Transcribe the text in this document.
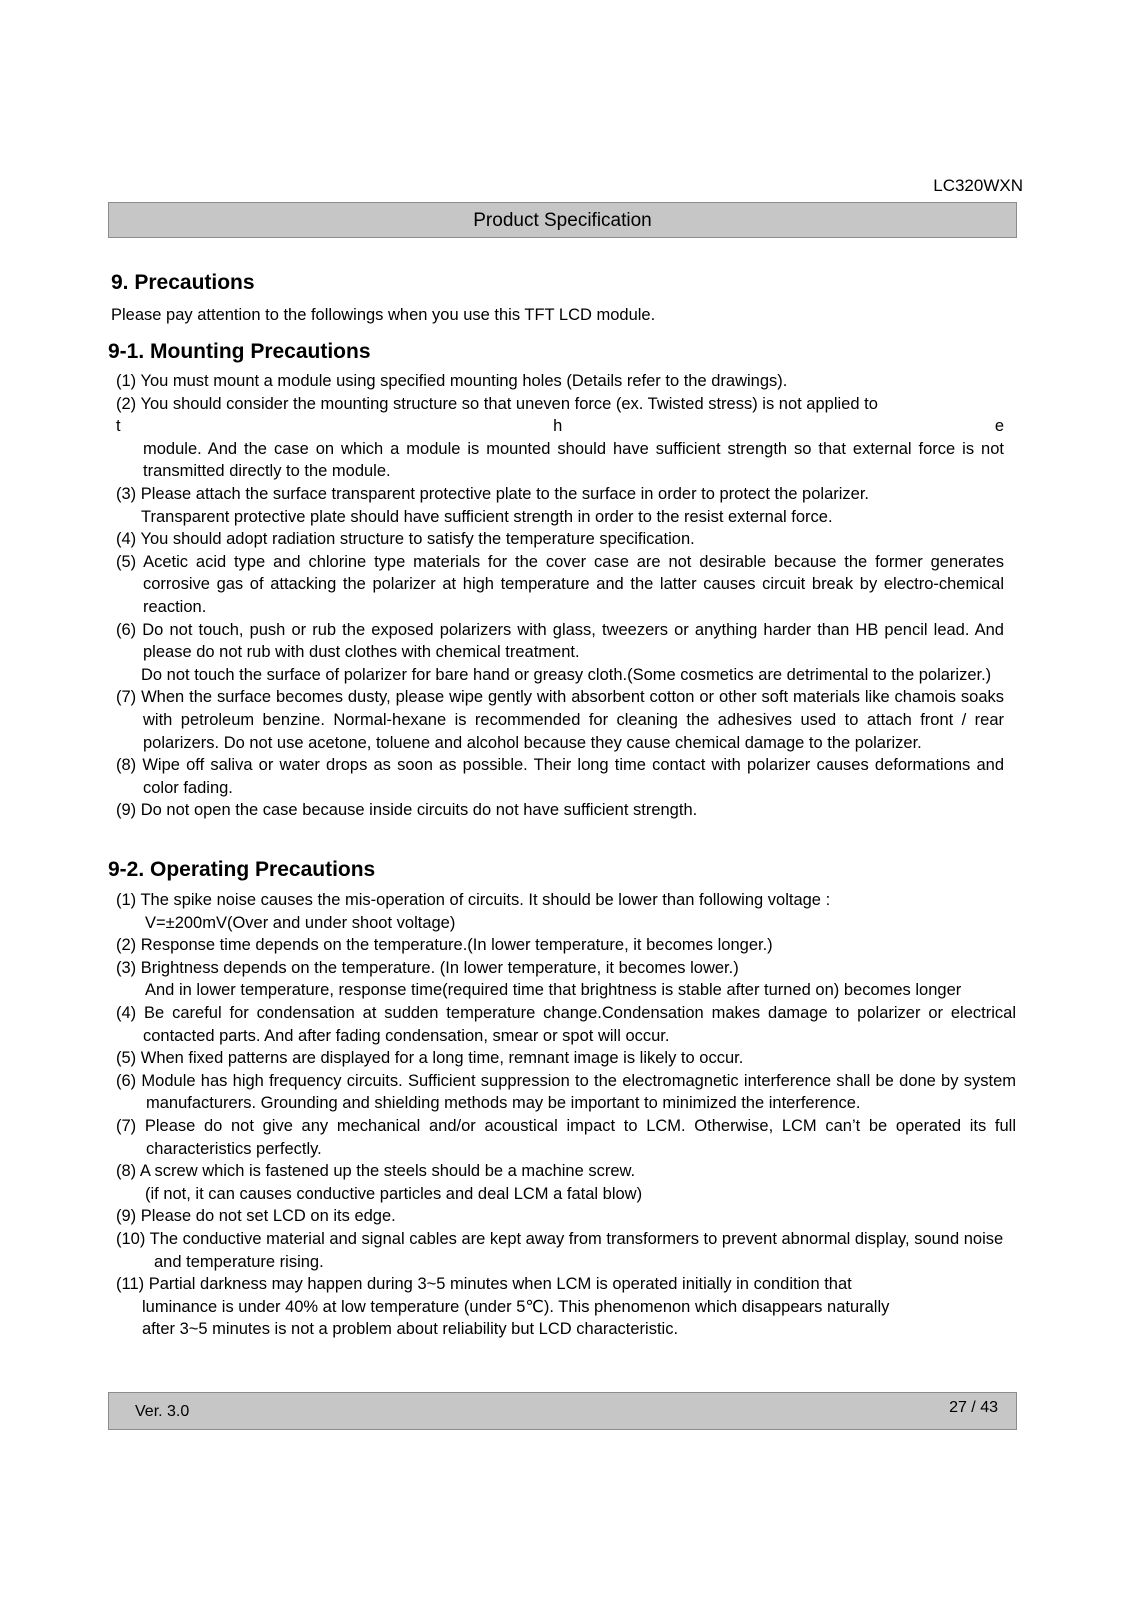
LC320WXN
Product Specification
9. Precautions
Please pay attention to the followings when you use this TFT LCD module.
9-1. Mounting Precautions

(1) You must mount a module using specified mounting holes (Details refer to the drawings).

(2) You should consider the mounting structure so that uneven force (ex. Twisted stress) is not applied to

t	h	e

module. And the case on which a module is mounted should have sufficient strength so that external force is not transmitted directly to the module.

(3) Please attach the surface transparent protective plate to the surface in order to protect the polarizer.

Transparent protective plate should have sufficient strength in order to the resist external force.

(4) You should adopt radiation structure to satisfy the temperature specification.

(5) Acetic acid type and chlorine type materials for the cover case are not desirable because the former generates corrosive gas of attacking the polarizer at high temperature and the latter causes circuit break by electro-chemical reaction.

(6) Do not touch, push or rub the exposed polarizers with glass, tweezers or anything harder than HB pencil lead. And please do not rub with dust clothes with chemical treatment.

Do not touch the surface of polarizer for bare hand or greasy cloth.(Some cosmetics are detrimental to the polarizer.)

(7) When the surface becomes dusty, please wipe gently with absorbent cotton or other soft materials like chamois soaks with petroleum benzine. Normal-hexane is recommended for cleaning the adhesives used to attach front / rear polarizers. Do not use acetone, toluene and alcohol because they cause chemical damage to the polarizer.

(8) Wipe off saliva or water drops as soon as possible. Their long time contact with polarizer causes deformations and color fading.

(9) Do not open the case because inside circuits do not have sufficient strength.

9-2. Operating Precautions

(1) The spike noise causes the mis-operation of circuits. It should be lower than following voltage :

V=±200mV(Over and under shoot voltage)

(2) Response time depends on the temperature.(In lower temperature, it becomes longer.)

(3) Brightness depends on the temperature. (In lower temperature, it becomes lower.)

And in lower temperature, response time(required time that brightness is stable after turned on) becomes longer

(4) Be careful for condensation at sudden temperature change.Condensation makes damage to polarizer or electrical contacted parts. And after fading condensation, smear or spot will occur.

(5) When fixed patterns are displayed for a long time, remnant image is likely to occur.

(6) Module has high frequency circuits. Sufficient suppression to the electromagnetic interference shall be done by system manufacturers. Grounding and shielding methods may be important to minimized the interference.

(7) Please do not give any mechanical and/or acoustical impact to LCM. Otherwise, LCM can’t be operated its full characteristics perfectly.

(8) A screw which is fastened up the steels should be a machine screw.

(if not, it can causes conductive particles and deal LCM a fatal blow)

(9) Please do not set LCD on its edge.

(10) The conductive material and signal cables are kept away from transformers to prevent abnormal display, sound noise and temperature rising.

(11) Partial darkness may happen during 3~5 minutes when LCM is operated initially in condition that

luminance is under 40% at low temperature (under 5℃). This phenomenon which disappears naturally

after 3~5 minutes is not a problem about reliability but LCD characteristic.

Ver. 3.0	27 / 43
